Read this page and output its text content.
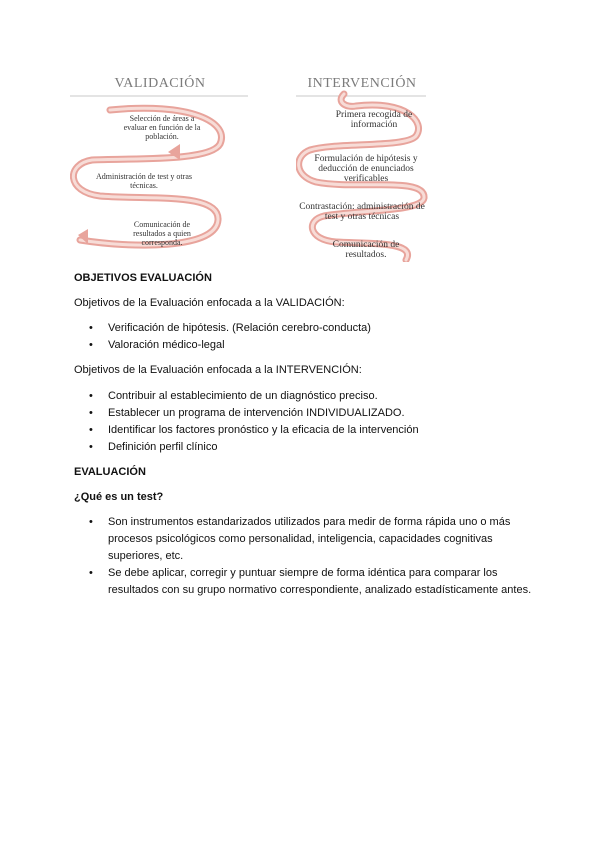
VALIDACIÓN
Selección de áreas a evaluar en función de la población.
Administración de test y otras técnicas.
Comunicación de resultados a quien corresponda.
INTERVENCIÓN
Primera recogida de información
Formulación de hipótesis y deducción de enunciados verificables
Contrastación: administración de test y otras técnicas
Comunicación de resultados.

OBJETIVOS EVALUACIÓN

Objetivos de la Evaluación enfocada a la VALIDACIÓN:

• Verificación de hipótesis. (Relación cerebro-conducta)
• Valoración médico-legal

Objetivos de la Evaluación enfocada a la INTERVENCIÓN:

• Contribuir al establecimiento de un diagnóstico preciso.
• Establecer un programa de intervención INDIVIDUALIZADO.
• Identificar los factores pronóstico y la eficacia de la intervención
• Definición perfil clínico

EVALUACIÓN

¿Qué es un test?

• Son instrumentos estandarizados utilizados para medir de forma rápida uno o más procesos psicológicos como personalidad, inteligencia, capacidades cognitivas superiores, etc.
• Se debe aplicar, corregir y puntuar siempre de forma idéntica para comparar los resultados con su grupo normativo correspondiente, analizado estadísticamente antes.
